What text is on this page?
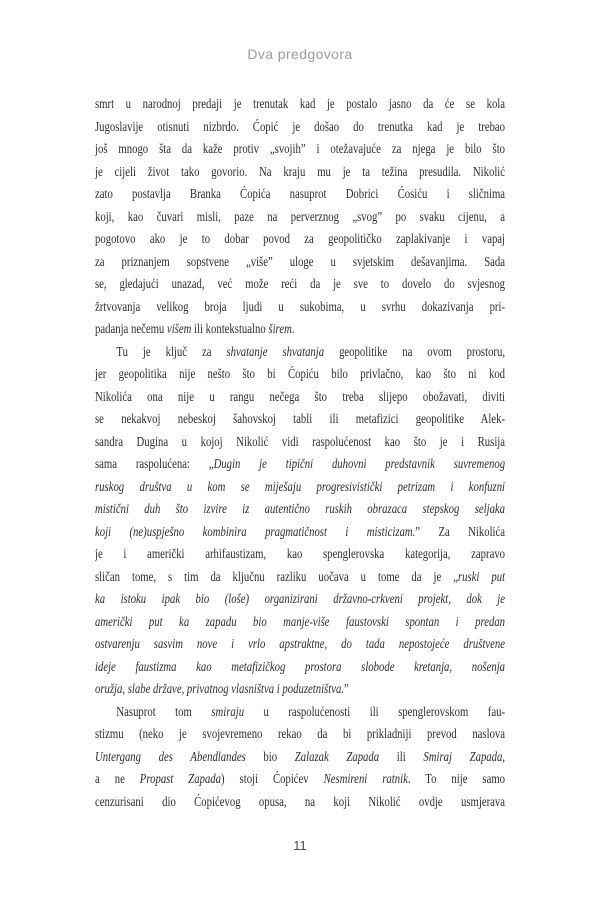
Dva predgovora
smrt u narodnoj predaji je trenutak kad je postalo jasno da će se kola
Jugoslavije otisnuti nizbrdo. Ćopić je došao do trenutka kad je trebao
još mnogo šta da kaže protiv „svojih” i otežavajuće za njega je bilo što
je cijeli život tako govorio. Na kraju mu je ta težina presudila. Nikolić
zato postavlja Branka Ćopića nasuprot Dobrici Ćosiću i sličnima
koji, kao čuvari misli, paze na perverznog „svog” po svaku cijenu, a
pogotovo ako je to dobar povod za geopolitičko zaplakivanje i vapaj
za priznanjem sopstvene „više” uloge u svjetskim dešavanjima. Sada
se, gledajući unazad, već može reći da je sve to dovelo do svjesnog
žrtvovanja velikog broja ljudi u sukobima, u svrhu dokazivanja pri-
padanja nečemu višem ili kontekstualno širem.
Tu je ključ za shvatanje shvatanja geopolitike na ovom prostoru,
jer geopolitika nije nešto što bi Ćopiću bilo privlačno, kao što ni kod
Nikolića ona nije u rangu nečega što treba slijepo obožavati, diviti
se nekakvoj nebeskoj šahovskoj tabli ili metafizici geopolitike Alek-
sandra Dugina u kojoj Nikolić vidi raspolućenost kao što je i Rusija
sama raspolućena: „Dugin je tipični duhovni predstavnik suvremenog
ruskog društva u kom se miješaju progresivistički petrizam i konfuzni
mistični duh što izvire iz autentično ruskih obrazaca stepskog seljaka
koji (ne)uspješno kombinira pragmatičnost i misticizam.” Za Nikolića
je i američki arhifaustizam, kao spenglerovska kategorija, zapravo
sličan tome, s tim da ključnu razliku uočava u tome da je „ruski put
ka istoku ipak bio (loše) organizirani državno-crkveni projekt, dok je
američki put ka zapadu bio manje-više faustovski spontan i predan
ostvarenju sasvim nove i vrlo apstraktne, do tada nepostojeće društvene
ideje faustizma kao metafizičkog prostora slobode kretanja, nošenja
oružja, slabe države, privatnog vlasništva i poduzetništva.”
Nasuprot tom smiraju u raspolućenosti ili spenglerovskom fau-
stizmu (neko je svojevremeno rekao da bi prikladniji prevod naslova
Untergang des Abendlandes bio Zalazak Zapada ili Smiraj Zapada,
a ne Propast Zapada) stoji Ćopićev Nesmireni ratnik. To nije samo
cenzurisani dio Ćopićevog opusa, na koji Nikolić ovdje usmjerava
11
